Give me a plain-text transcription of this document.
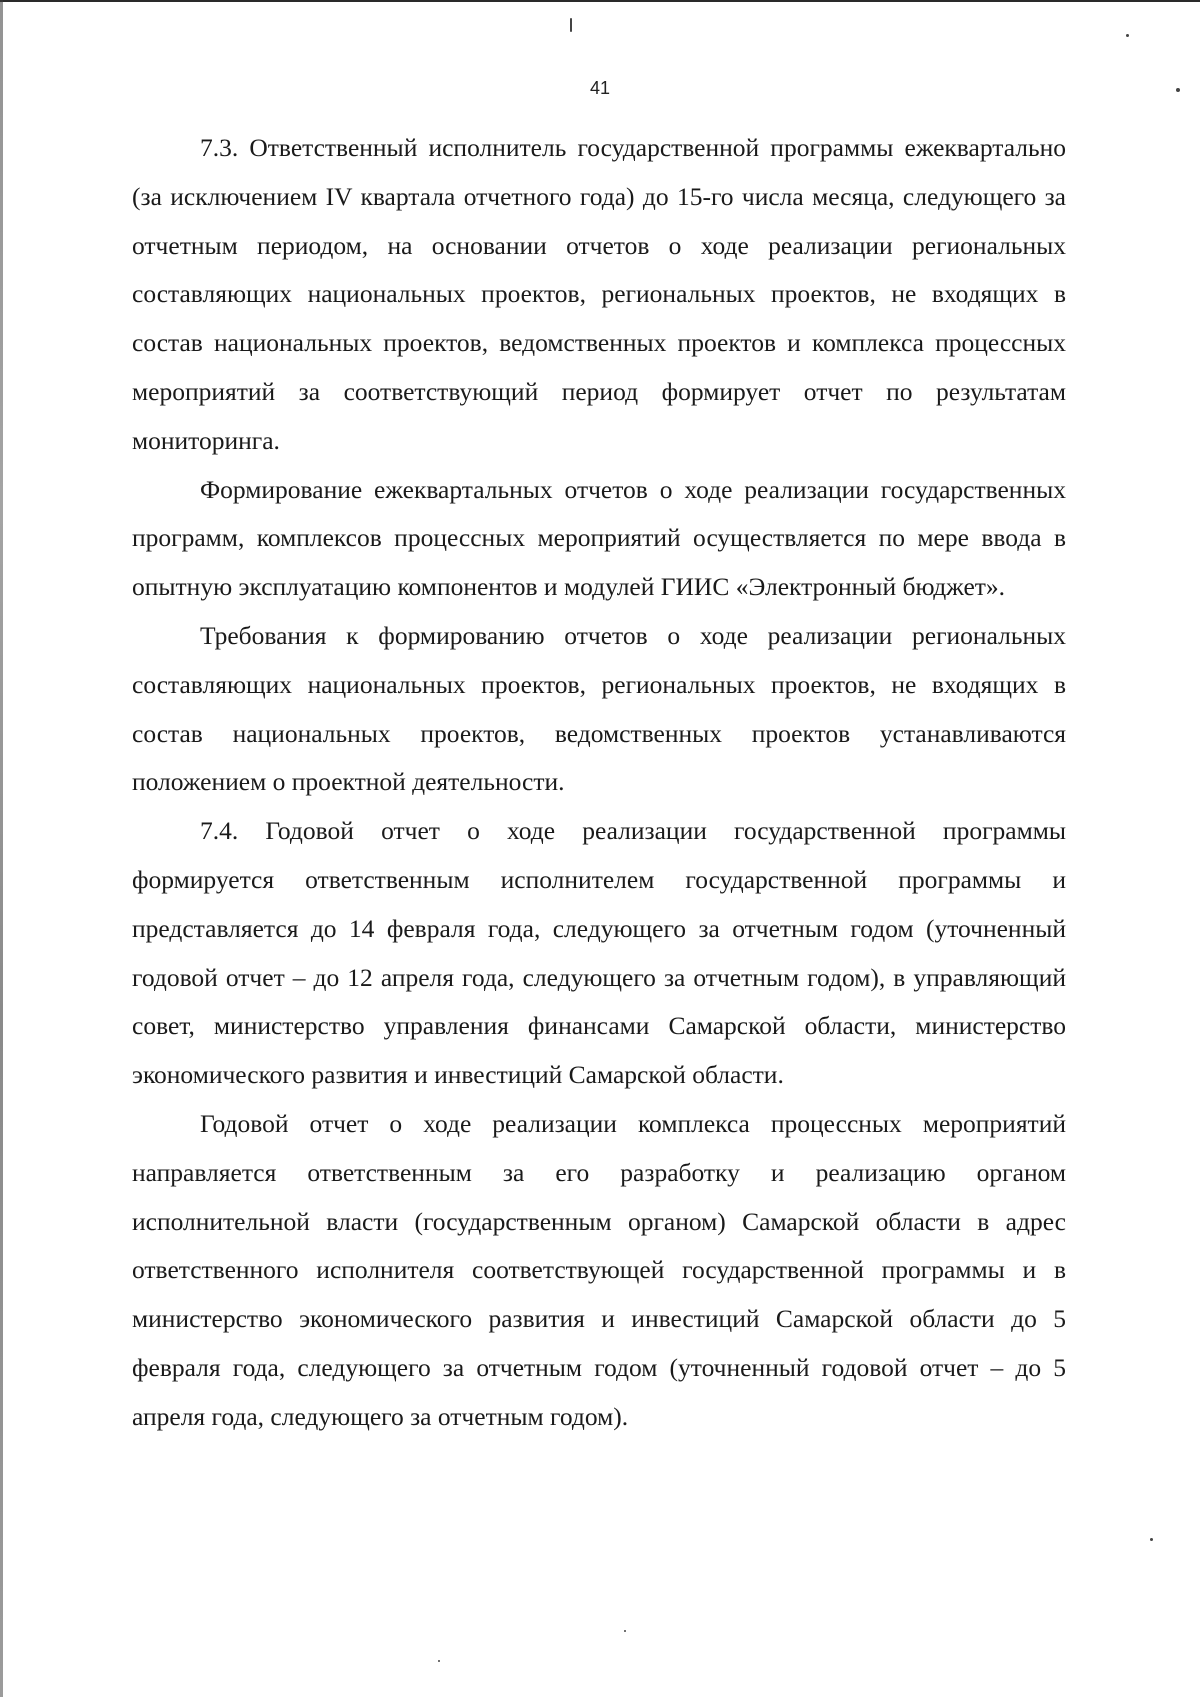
41

7.3. Ответственный исполнитель государственной программы ежеквартально (за исключением IV квартала отчетного года) до 15-го числа месяца, следующего за отчетным периодом, на основании отчетов о ходе реализации региональных составляющих национальных проектов, региональных проектов, не входящих в состав национальных проектов, ведомственных проектов и комплекса процессных мероприятий за соответствующий период формирует отчет по результатам мониторинга.

Формирование ежеквартальных отчетов о ходе реализации государственных программ, комплексов процессных мероприятий осуществляется по мере ввода в опытную эксплуатацию компонентов и модулей ГИИС «Электронный бюджет».

Требования к формированию отчетов о ходе реализации региональных составляющих национальных проектов, региональных проектов, не входящих в состав национальных проектов, ведомственных проектов устанавливаются положением о проектной деятельности.

7.4. Годовой отчет о ходе реализации государственной программы формируется ответственным исполнителем государственной программы и представляется до 14 февраля года, следующего за отчетным годом (уточненный годовой отчет – до 12 апреля года, следующего за отчетным годом), в управляющий совет, министерство управления финансами Самарской области, министерство экономического развития и инвестиций Самарской области.

Годовой отчет о ходе реализации комплекса процессных мероприятий направляется ответственным за его разработку и реализацию органом исполнительной власти (государственным органом) Самарской области в адрес ответственного исполнителя соответствующей государственной программы и в министерство экономического развития и инвестиций Самарской области до 5 февраля года, следующего за отчетным годом (уточненный годовой отчет – до 5 апреля года, следующего за отчетным годом).
